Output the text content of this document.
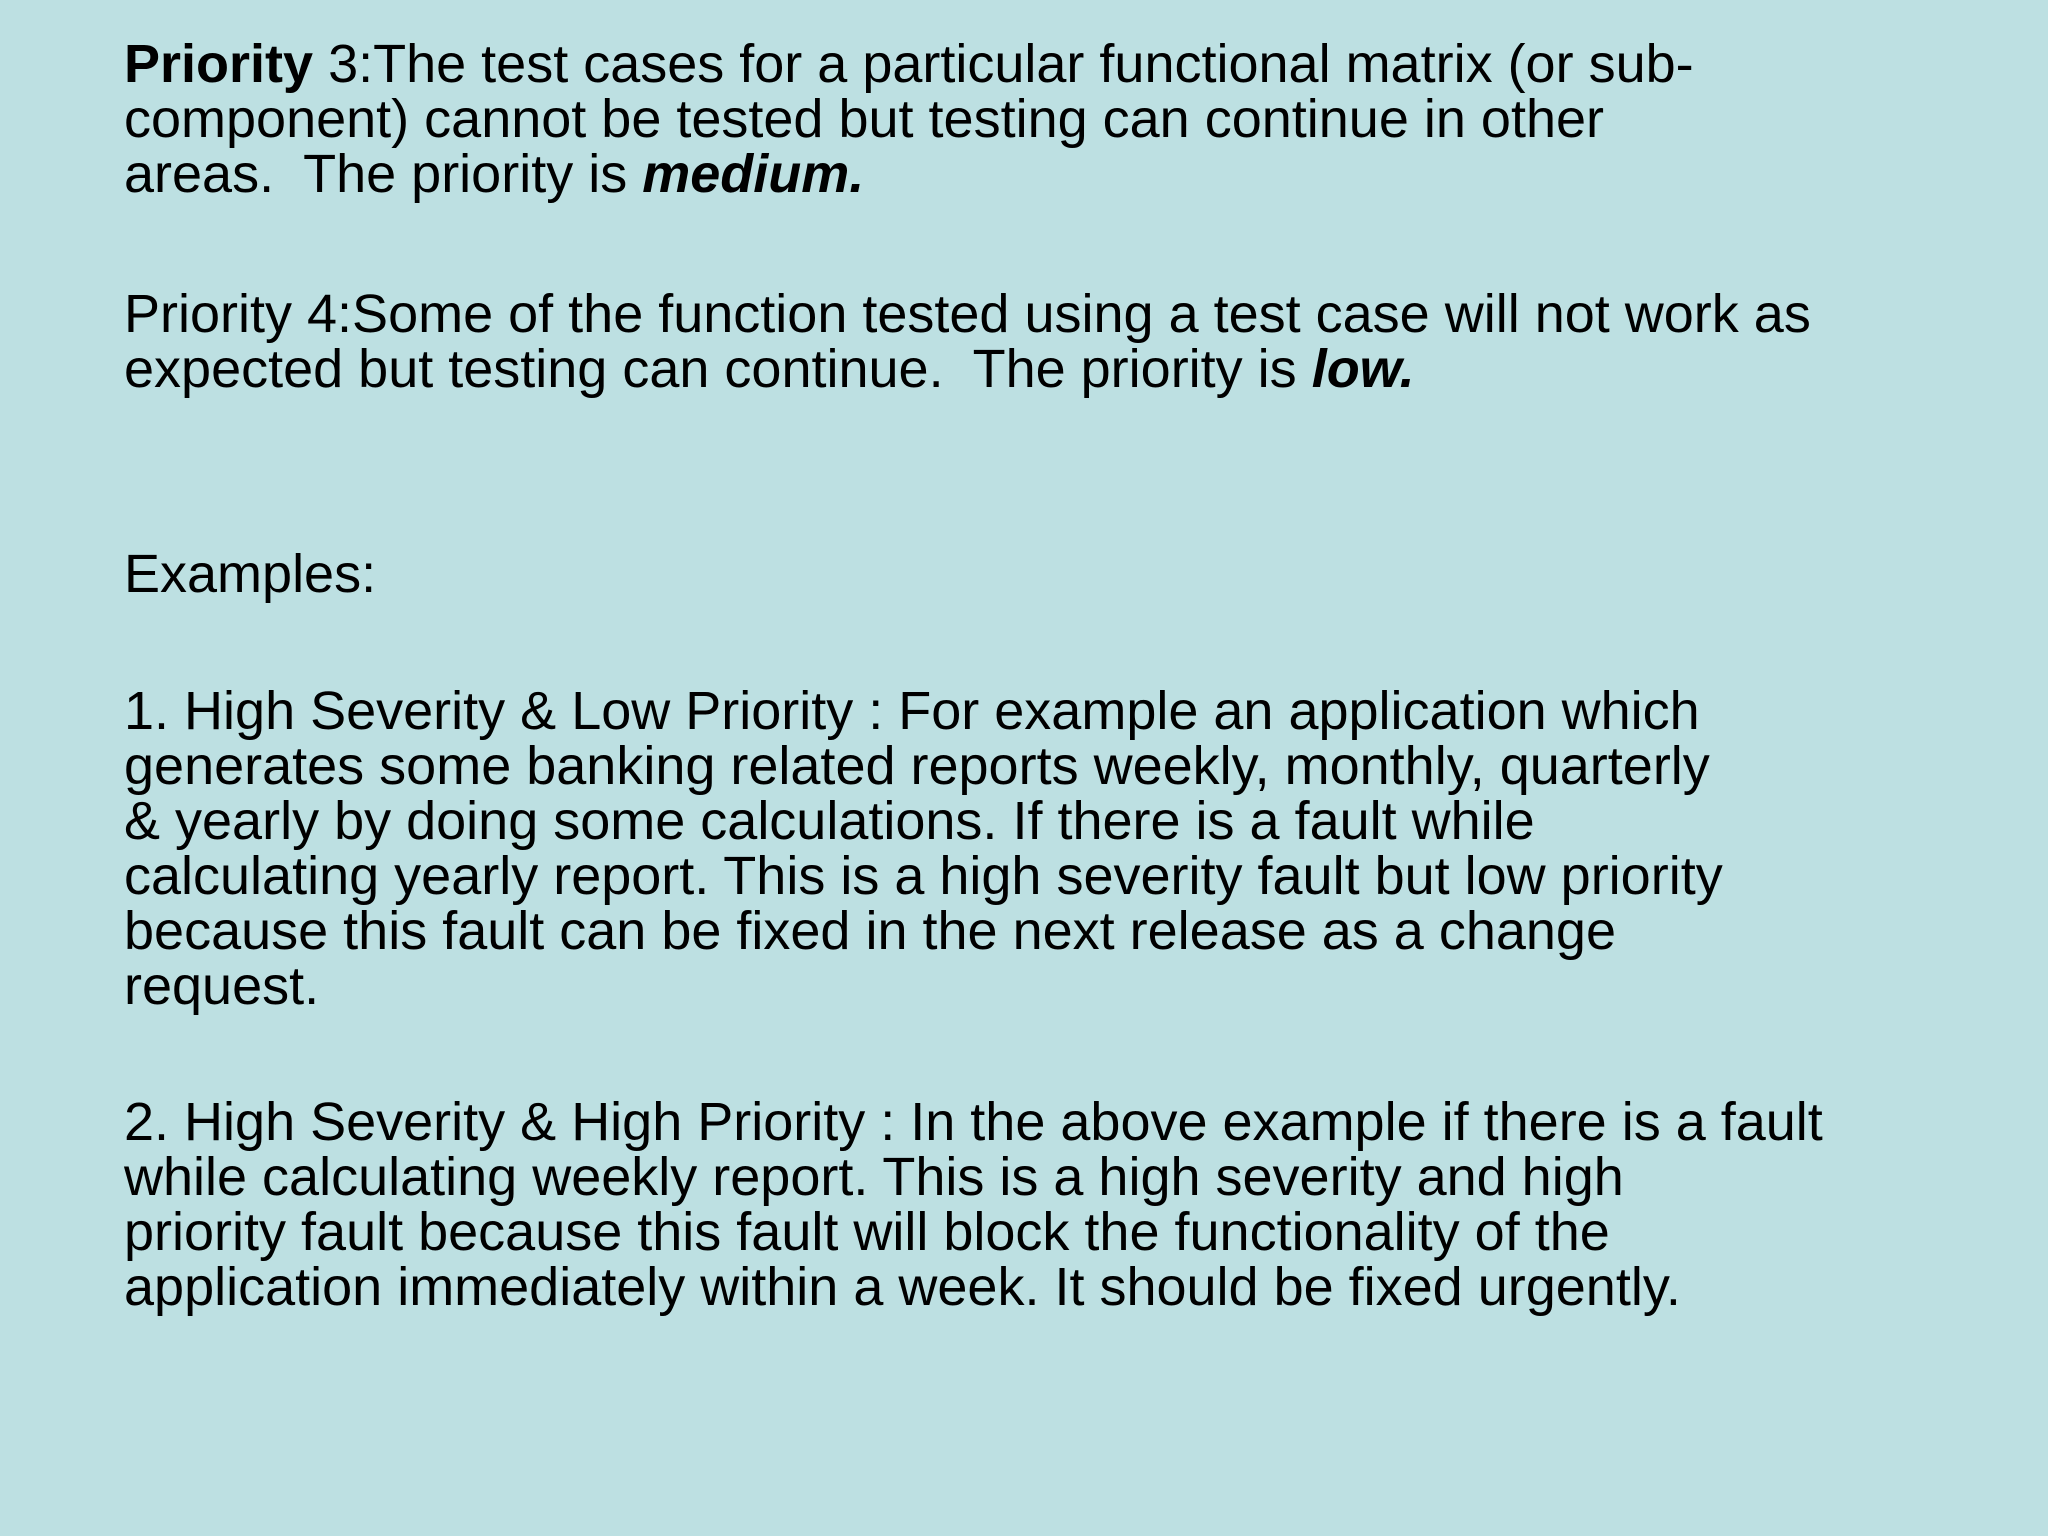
Priority 3:The test cases for a particular functional matrix (or sub-
component) cannot be tested but testing can continue in other
areas.  The priority is medium.
Priority 4:Some of the function tested using a test case will not work as
expected but testing can continue.  The priority is low.
Examples:
1. High Severity & Low Priority : For example an application which
generates some banking related reports weekly, monthly, quarterly
& yearly by doing some calculations. If there is a fault while
calculating yearly report. This is a high severity fault but low priority
because this fault can be fixed in the next release as a change
request.
2. High Severity & High Priority : In the above example if there is a fault
while calculating weekly report. This is a high severity and high
priority fault because this fault will block the functionality of the
application immediately within a week. It should be fixed urgently.
